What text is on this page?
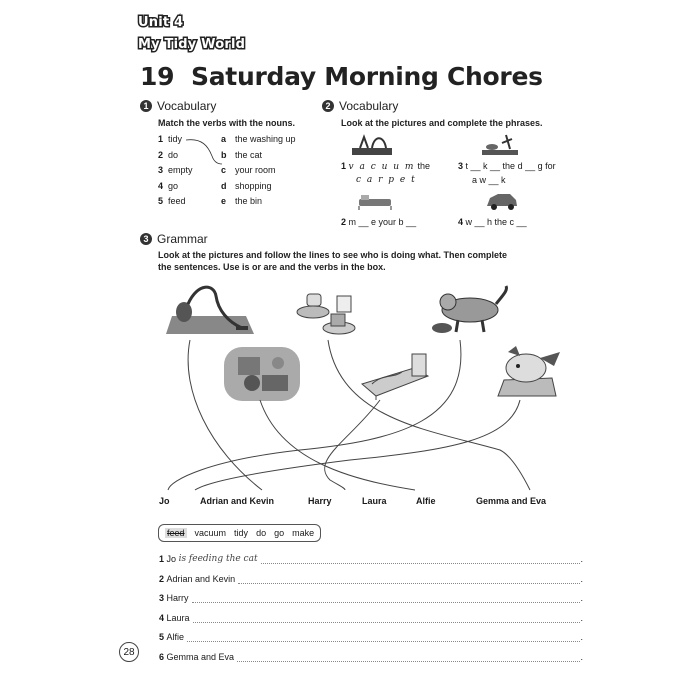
Unit 4
My Tidy World
19 Saturday Morning Chores
1 Vocabulary
Match the verbs with the nouns.
1 tidy	a the washing up
2 do	b the cat
3 empty	c your room
4 go	d shopping
5 feed	e the bin
2 Vocabulary
Look at the pictures and complete the phrases.
1 v a c u u m the
c a r p e t
3 t __ k __ the d __ g for
a w __ k
2 m __ e your b __	4 w __ h the c __
3 Grammar
Look at the pictures and follow the lines to see who is doing what. Then complete the sentences. Use is or are and the verbs in the box.
Jo	Adrian and Kevin	Harry	Laura	Alfie	Gemma and Eva
feed vacuum tidy do go make
1
Jo
is feeding the cat	.
2
Adrian and Kevin	.
3
Harry	.
4
Laura	.
5
Alfie	.
6
Gemma and Eva	.
28
